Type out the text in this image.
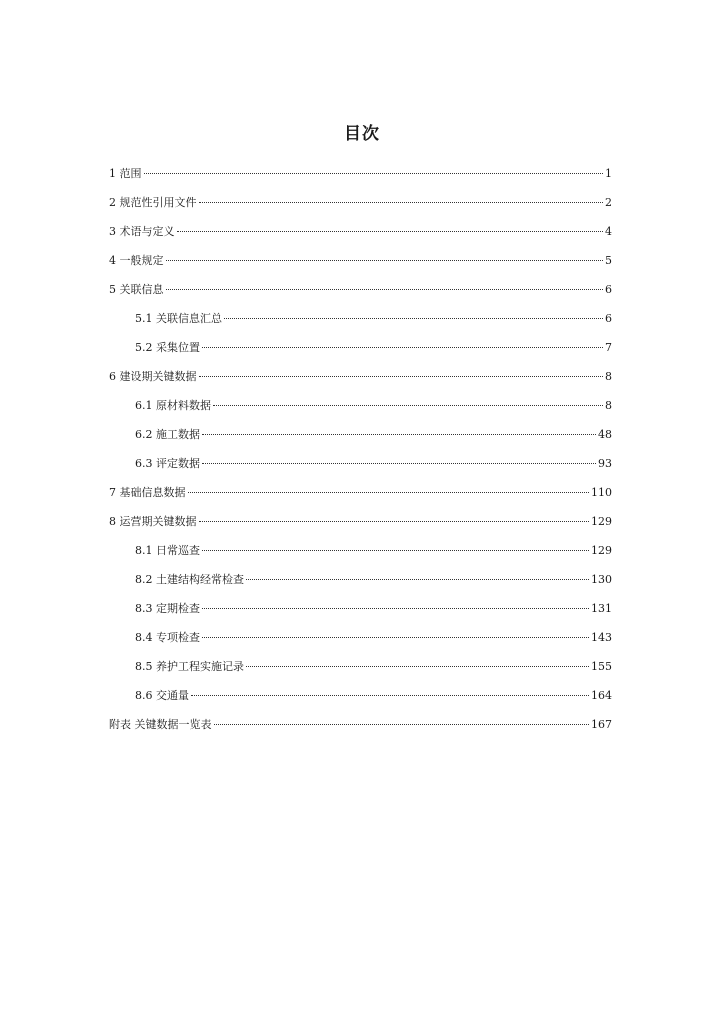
目次
1 范围	1
2 规范性引用文件	2
3 术语与定义	4
4 一般规定	5
5 关联信息	6
5.1 关联信息汇总	6
5.2 采集位置	7
6 建设期关键数据	8
6.1 原材料数据	8
6.2 施工数据	48
6.3 评定数据	93
7 基础信息数据	110
8 运营期关键数据	129
8.1 日常巡查	129
8.2 土建结构经常检查	130
8.3 定期检查	131
8.4 专项检查	143
8.5 养护工程实施记录	155
8.6 交通量	164
附表 关键数据一览表	167
